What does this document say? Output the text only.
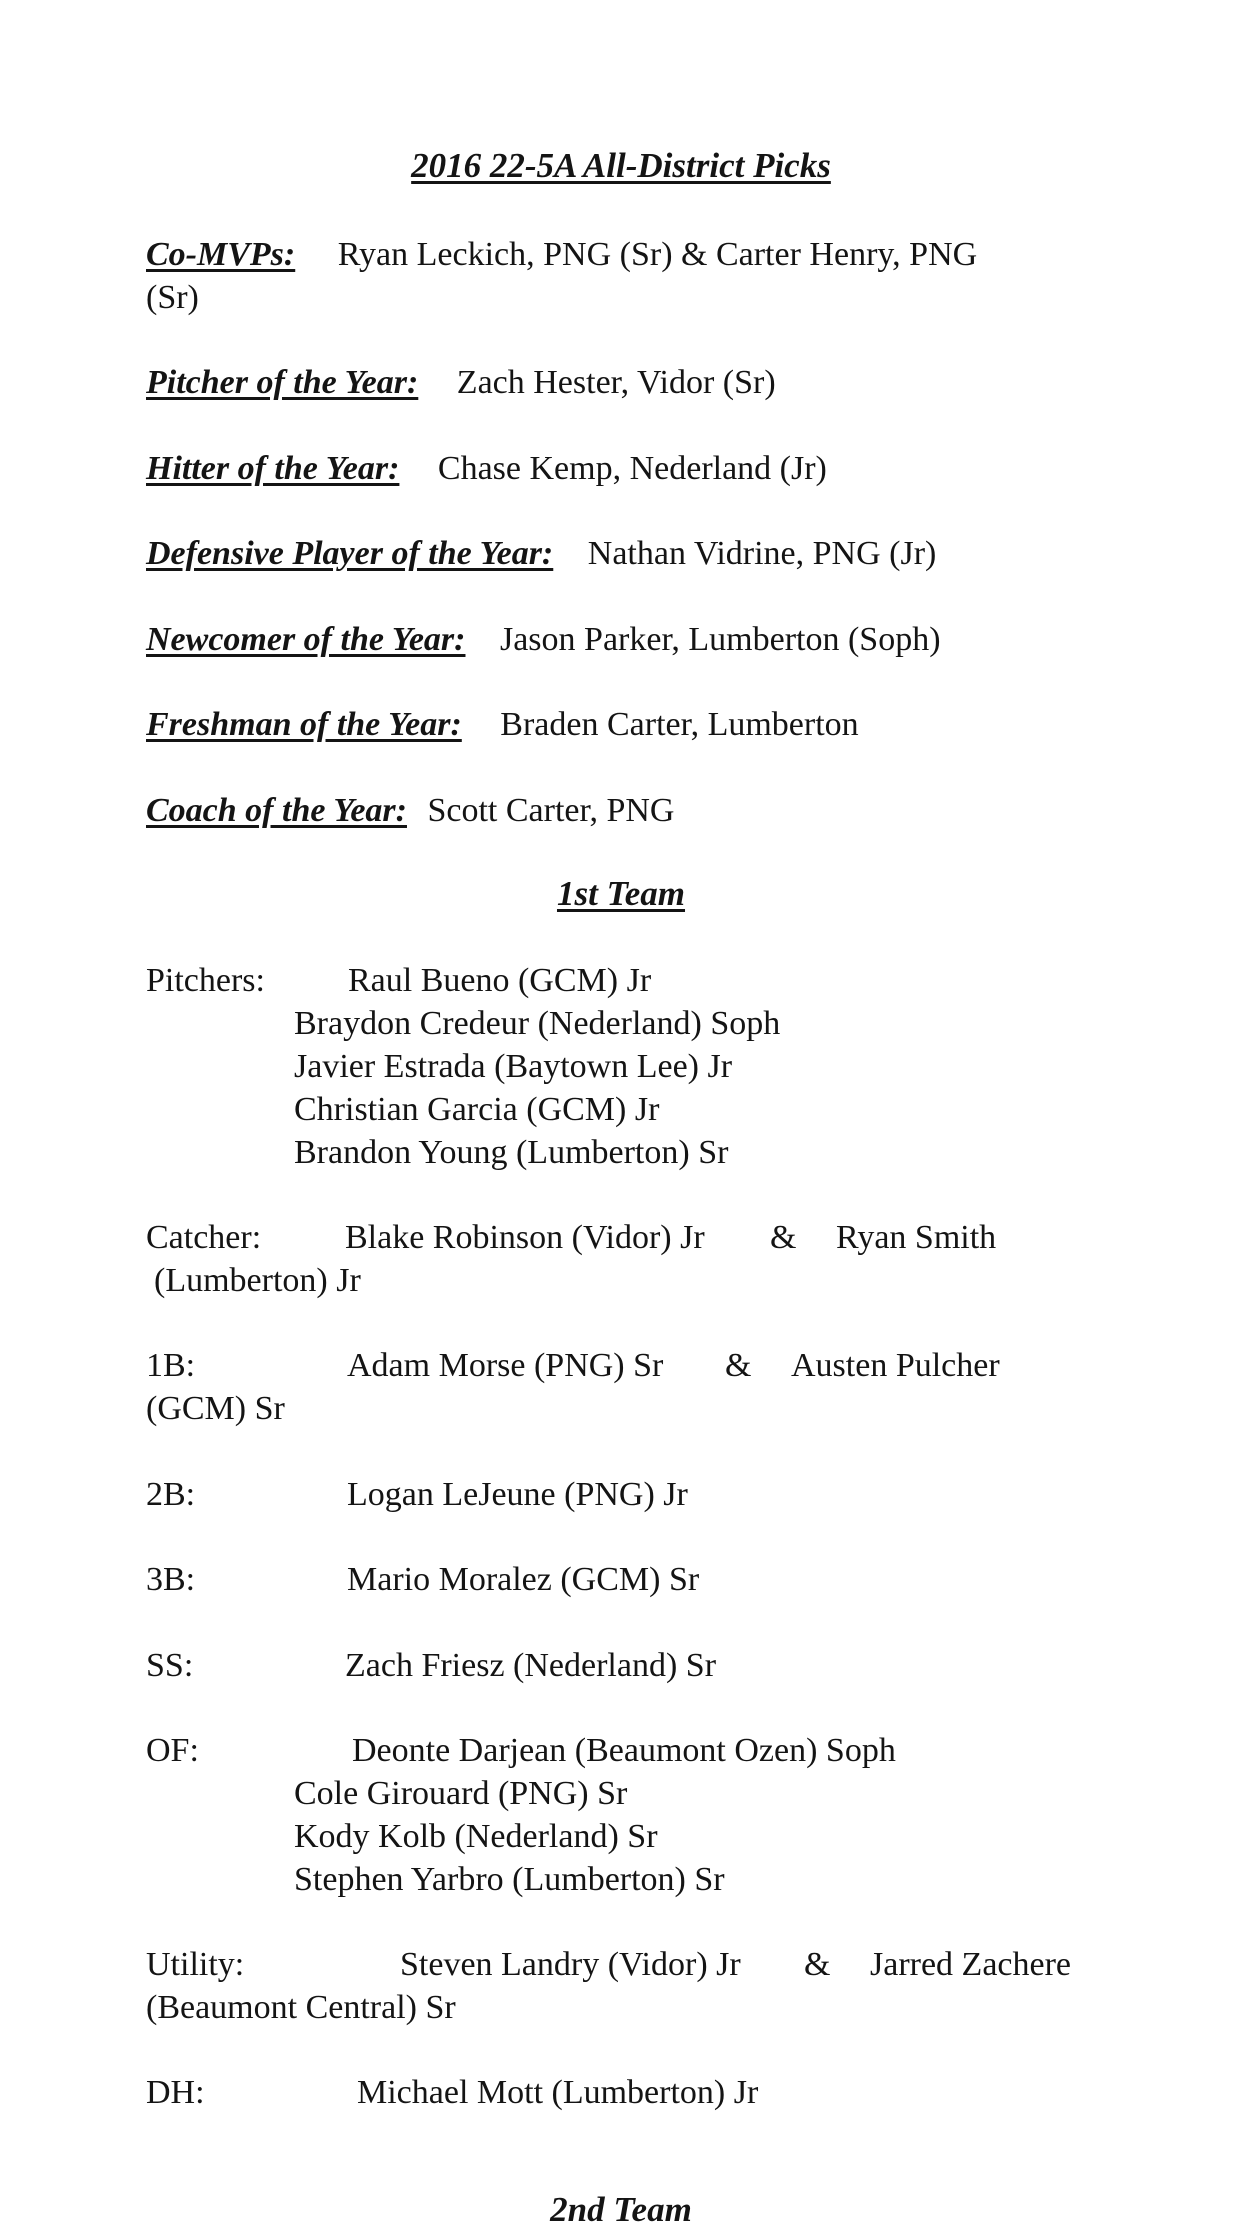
2016 22-5A All-District Picks
Co-MVPs: Ryan Leckich, PNG (Sr) & Carter Henry, PNG
(Sr)
Pitcher of the Year: Zach Hester, Vidor (Sr)
Hitter of the Year: Chase Kemp, Nederland (Jr)
Defensive Player of the Year: Nathan Vidrine, PNG (Jr)
Newcomer of the Year: Jason Parker, Lumberton (Soph)
Freshman of the Year: Braden Carter, Lumberton
Coach of the Year: Scott Carter, PNG
1st Team
Pitchers: Raul Bueno (GCM) Jr
Braydon Credeur (Nederland) Soph
Javier Estrada (Baytown Lee) Jr
Christian Garcia (GCM) Jr
Brandon Young (Lumberton) Sr
Catcher: Blake Robinson (Vidor) Jr & Ryan Smith
(Lumberton) Jr
1B:	Adam Morse (PNG) Sr & Austen Pulcher
(GCM) Sr
2B:	Logan LeJeune (PNG) Jr
3B:	Mario Moralez (GCM) Sr
SS:	Zach Friesz (Nederland) Sr
OF:	Deonte Darjean (Beaumont Ozen) Soph
Cole Girouard (PNG) Sr
Kody Kolb (Nederland) Sr
Stephen Yarbro (Lumberton) Sr
Utility:	Steven Landry (Vidor) Jr & Jarred Zachere
(Beaumont Central) Sr
DH:	Michael Mott (Lumberton) Jr
2nd Team
